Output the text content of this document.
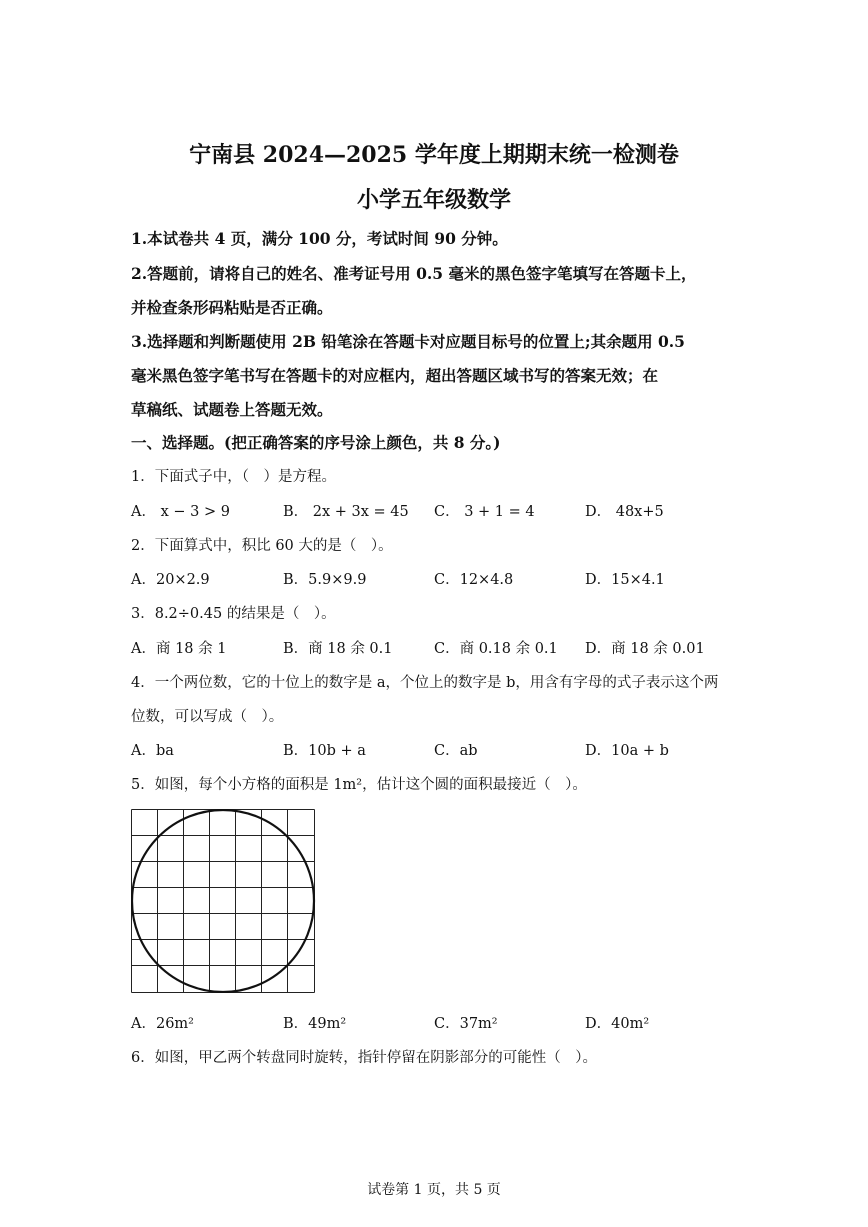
宁南县 2024—2025 学年度上期期末统一检测卷
小学五年级数学
1.本试卷共 4 页，满分 100 分，考试时间 90 分钟。
2.答题前，请将自己的姓名、准考证号用 0.5 毫米的黑色签字笔填写在答题卡上，
并检查条形码粘贴是否正确。
3.选择题和判断题使用 2B 铅笔涂在答题卡对应题目标号的位置上;其余题用 0.5
毫米黑色签字笔书写在答题卡的对应框内，超出答题区域书写的答案无效；在
草稿纸、试题卷上答题无效。
一、选择题。(把正确答案的序号涂上颜色，共 8 分。)
1．下面式子中，（　）是方程。
A． x − 3 > 9	B． 2x + 3x = 45 C． 3 + 1 = 4	D． 48x+5
2．下面算式中，积比 60 大的是（　）。
A．20×2.9	B．5.9×9.9	C．12×4.8	D．15×4.1
3．8.2÷0.45 的结果是（　）。
A．商 18 余 1	B．商 18 余 0.1	C．商 0.18 余 0.1 D．商 18 余 0.01
4．一个两位数，它的十位上的数字是 a，个位上的数字是 b，用含有字母的式子表示这个两
位数，可以写成（　）。
A．ba	B．10b + a	C．ab	D．10a + b
5．如图，每个小方格的面积是 1m²，估计这个圆的面积最接近（　）。
A．26m²	B．49m²	C．37m²	D．40m²
6．如图，甲乙两个转盘同时旋转，指针停留在阴影部分的可能性（　）。
试卷第 1 页，共 5 页
